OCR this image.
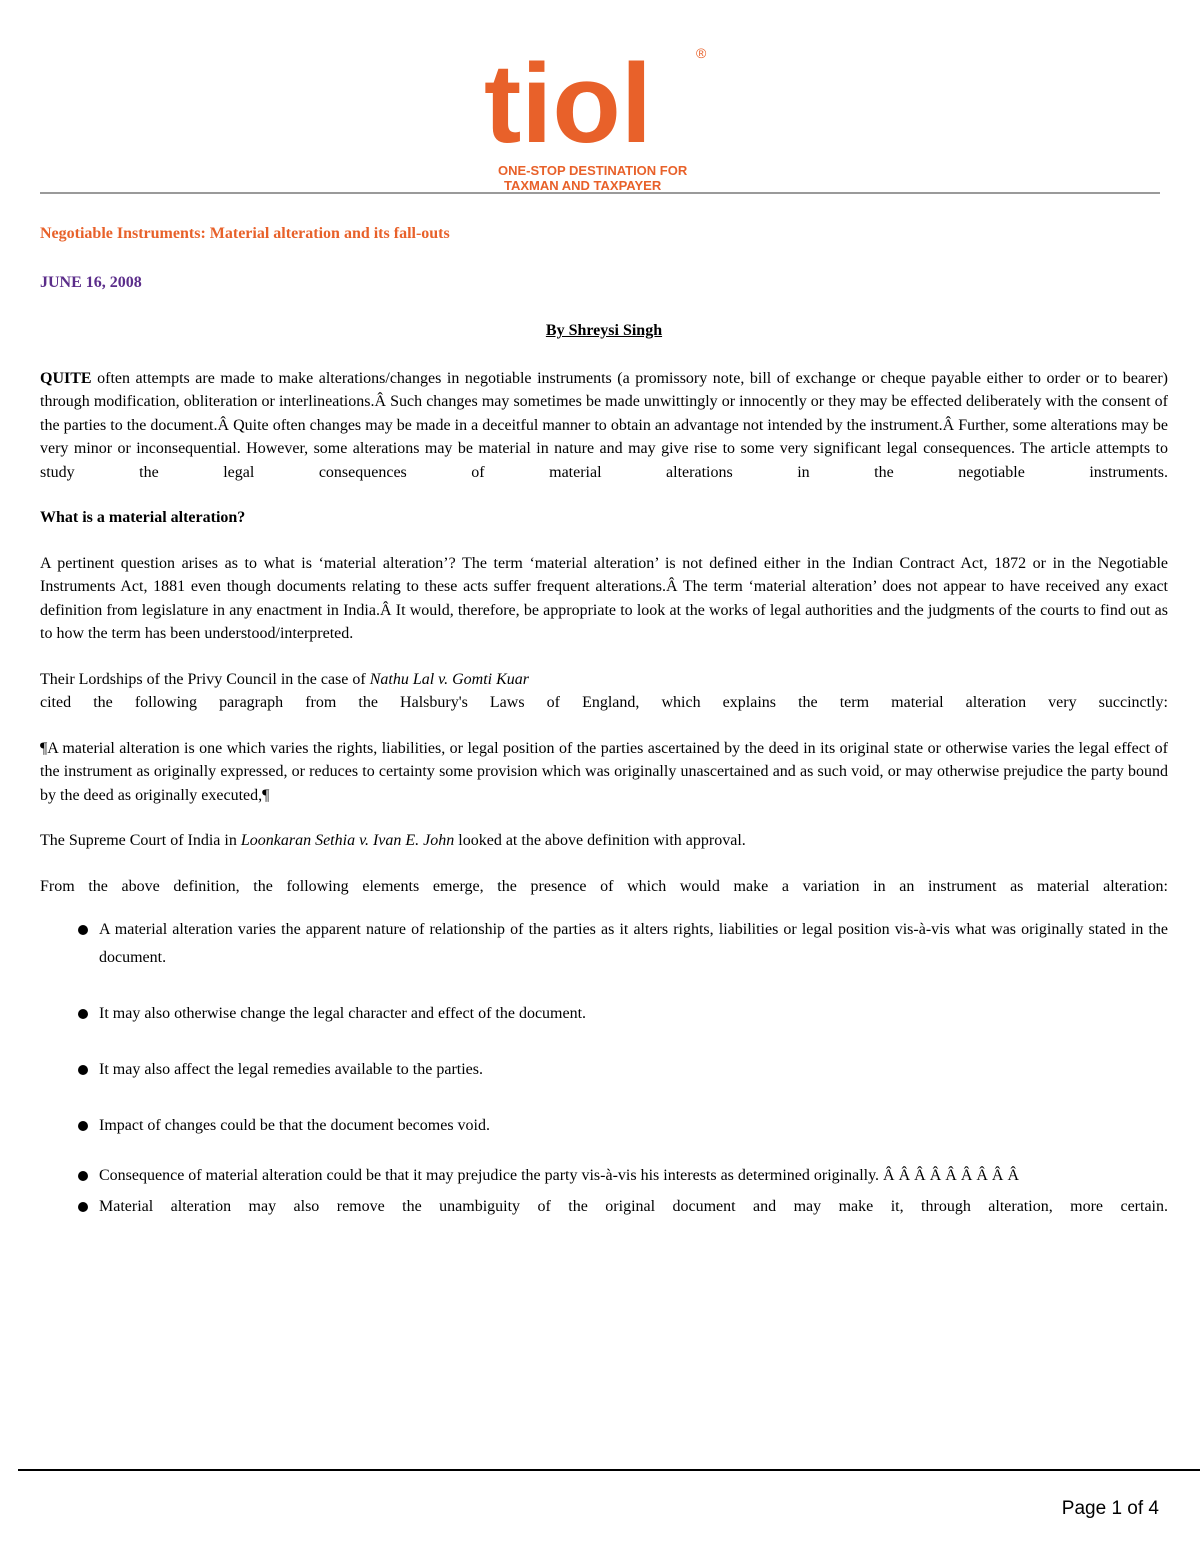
tiol	®
ONE-STOP DESTINATION FOR
TAXMAN AND TAXPAYER
Negotiable Instruments: Material alteration and its fall-outs
JUNE 16, 2008
By Shreysi Singh

QUITE often attempts are made to make alterations/changes in negotiable instruments (a promissory note, bill of exchange or cheque payable either to order or to bearer) through modification, obliteration or interlineations.Â Such changes may sometimes be made unwittingly or innocently or they may be effected deliberately with the consent of the parties to the document.Â Quite often changes may be made in a deceitful manner to obtain an advantage not intended by the instrument.Â Further, some alterations may be very minor or inconsequential. However, some alterations may be material in nature and may give rise to some very significant legal consequences. The article attempts to study the legal consequences of material alterations in the negotiable instruments.

What is a material alteration?

A pertinent question arises as to what is ‘material alteration’? The term ‘material alteration’ is not defined either in the Indian Contract Act, 1872 or in the Negotiable Instruments Act, 1881 even though documents relating to these acts suffer frequent alterations.Â The term ‘material alteration’ does not appear to have received any exact definition from legislature in any enactment in India.Â It would, therefore, be appropriate to look at the works of legal authorities and the judgments of the courts to find out as to how the term has been understood/interpreted.

Their Lordships of the Privy Council in the case of Nathu Lal v. Gomti Kuar

cited the following paragraph from the Halsbury's Laws of England, which explains the term material alteration very succinctly:

¶A material alteration is one which varies the rights, liabilities, or legal position of the parties ascertained by the deed in its original state or otherwise varies the legal effect of the instrument as originally expressed, or reduces to certainty some provision which was originally unascertained and as such void, or may otherwise prejudice the party bound by the deed as originally executed,¶

The Supreme Court of India in Loonkaran Sethia v. Ivan E. John looked at the above definition with approval.

From the above definition, the following elements emerge, the presence of which would make a variation in an instrument as material alteration:

A material alteration varies the apparent nature of relationship of the parties as it alters rights, liabilities or legal position vis-à-vis what was originally stated in the document.
It may also otherwise change the legal character and effect of the document.
It may also affect the legal remedies available to the parties.
Impact of changes could be that the document becomes void.
Consequence of material alteration could be that it may prejudice the party vis-à-vis his interests as determined originally. Â Â Â Â Â Â Â Â Â
Material alteration may also remove the unambiguity of the original document and may make it, through alteration, more certain.
Page 1 of 4
